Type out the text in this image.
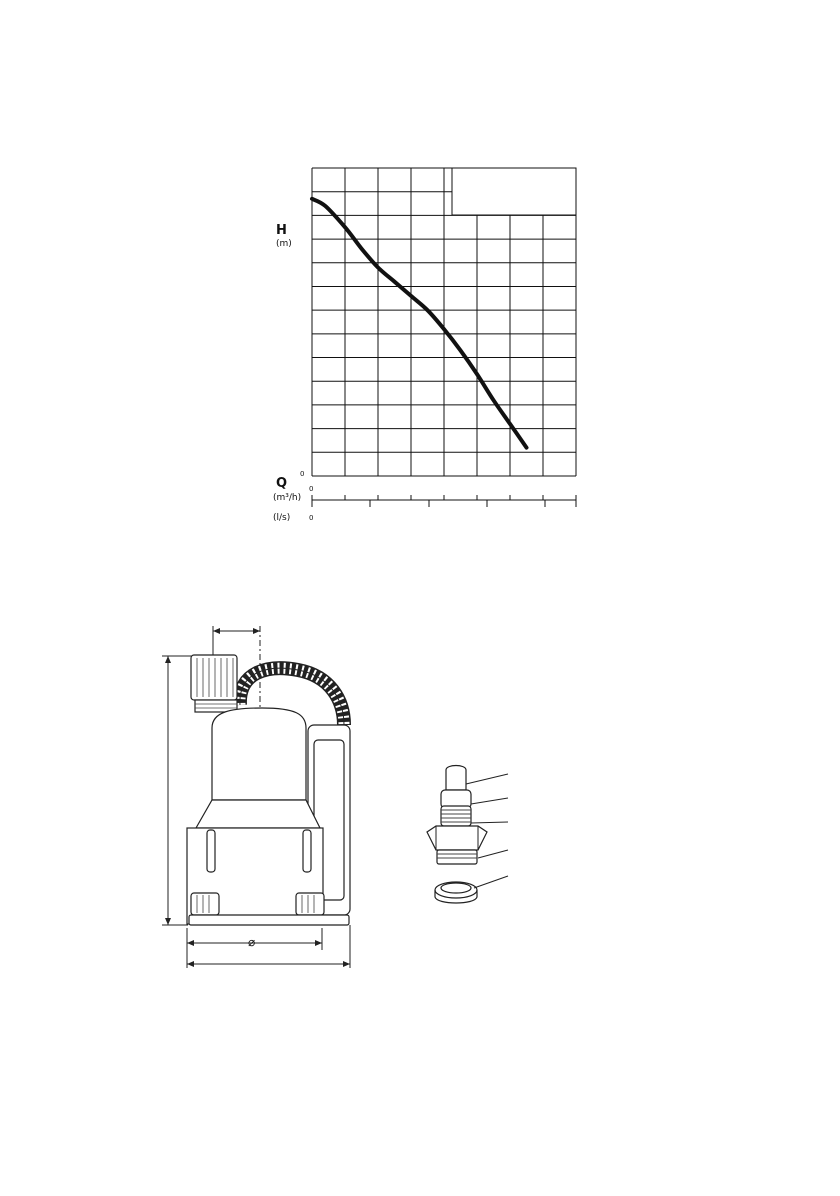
H
(m)
0
Q
(m³/h)
(l/s)
0
0
⌀
